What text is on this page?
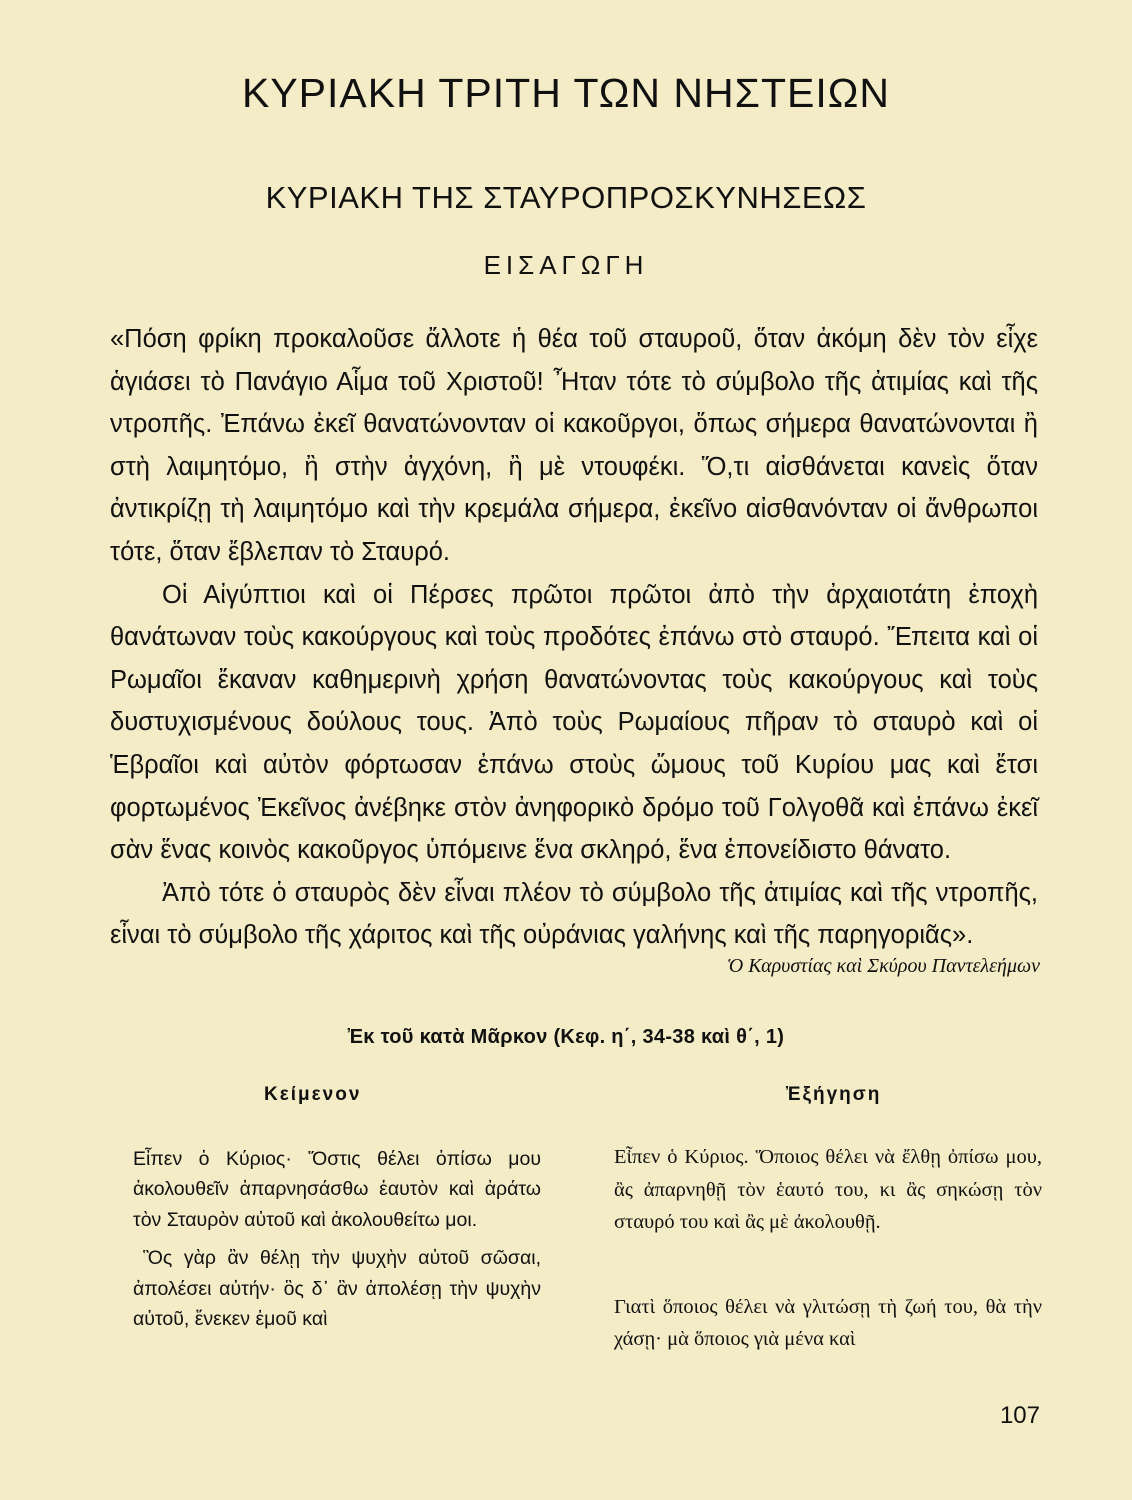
ΚΥΡΙΑΚΗ ΤΡΙΤΗ ΤΩΝ ΝΗΣΤΕΙΩΝ
ΚΥΡΙΑΚΗ ΤΗΣ ΣΤΑΥΡΟΠΡΟΣΚΥΝΗΣΕΩΣ
ΕΙΣΑΓΩΓΗ

«Πόση φρίκη προκαλοῦσε ἄλλοτε ἡ θέα τοῦ σταυροῦ, ὅταν ἀκόμη δὲν τὸν εἶχε ἁγιάσει τὸ Πανάγιο Αἷμα τοῦ Χριστοῦ! Ἦταν τότε τὸ σύμβολο τῆς ἀτιμίας καὶ τῆς ντροπῆς. Ἐπάνω ἐκεῖ θανατώνονταν οἱ κακοῦργοι, ὅπως σήμερα θανατώνονται ἢ στὴ λαιμητόμο, ἢ στὴν ἀγχόνη, ἢ μὲ ντουφέκι. Ὅ,τι αἰσθάνεται κανεὶς ὅταν ἀντικρίζῃ τὴ λαιμητόμο καὶ τὴν κρεμάλα σήμερα, ἐκεῖνο αἰσθανόνταν οἱ ἄνθρωποι τότε, ὅταν ἔβλεπαν τὸ Σταυρό.

Οἱ Αἰγύπτιοι καὶ οἱ Πέρσες πρῶτοι πρῶτοι ἀπὸ τὴν ἀρχαιοτάτη ἐποχὴ θανάτωναν τοὺς κακούργους καὶ τοὺς προδότες ἐπάνω στὸ σταυρό. Ἔπειτα καὶ οἱ Ρωμαῖοι ἔκαναν καθημερινὴ χρήση θανατώνοντας τοὺς κακούργους καὶ τοὺς δυστυχισμένους δούλους τους. Ἀπὸ τοὺς Ρωμαίους πῆραν τὸ σταυρὸ καὶ οἱ Ἑβραῖοι καὶ αὐτὸν φόρτωσαν ἐπάνω στοὺς ὤμους τοῦ Κυρίου μας καὶ ἔτσι φορτωμένος Ἐκεῖνος ἀνέβηκε στὸν ἀνηφορικὸ δρόμο τοῦ Γολγοθᾶ καὶ ἐπάνω ἐκεῖ σὰν ἕνας κοινὸς κακοῦργος ὑπόμεινε ἕνα σκληρό, ἕνα ἐπονείδιστο θάνατο.

Ἀπὸ τότε ὁ σταυρὸς δὲν εἶναι πλέον τὸ σύμβολο τῆς ἀτιμίας καὶ τῆς ντροπῆς, εἶναι τὸ σύμβολο τῆς χάριτος καὶ τῆς οὐράνιας γαλήνης καὶ τῆς παρηγοριᾶς».

Ὁ Καρυστίας καὶ Σκύρου Παντελεήμων
Ἐκ τοῦ κατὰ Μᾶρκον (Κεφ. η΄, 34-38 καὶ θ΄, 1)
Κείμενον	Ἐξήγηση

Εἶπεν ὁ Κύριος· Ὅστις θέλει ὀπίσω μου ἀκολουθεῖν ἀπαρνησάσθω ἑαυτὸν καὶ ἀράτω τὸν Σταυρὸν αὐτοῦ καὶ ἀκολουθείτω μοι.

Ὃς γὰρ ἂν θέλῃ τὴν ψυχὴν αὐτοῦ σῶσαι, ἀπολέσει αὐτήν· ὃς δ᾿ ἂν ἀπολέσῃ τὴν ψυχὴν αὐτοῦ, ἕνεκεν ἐμοῦ καὶ

Εἶπεν ὁ Κύριος. Ὅποιος θέλει νὰ ἔλθῃ ὀπίσω μου, ἂς ἀπαρνηθῇ τὸν ἑαυτό του, κι ἂς σηκώσῃ τὸν σταυρό του καὶ ἂς μὲ ἀκολουθῇ.

Γιατὶ ὅποιος θέλει νὰ γλιτώσῃ τὴ ζωή του, θὰ τὴν χάσῃ· μὰ ὅποιος γιὰ μένα καὶ

107
